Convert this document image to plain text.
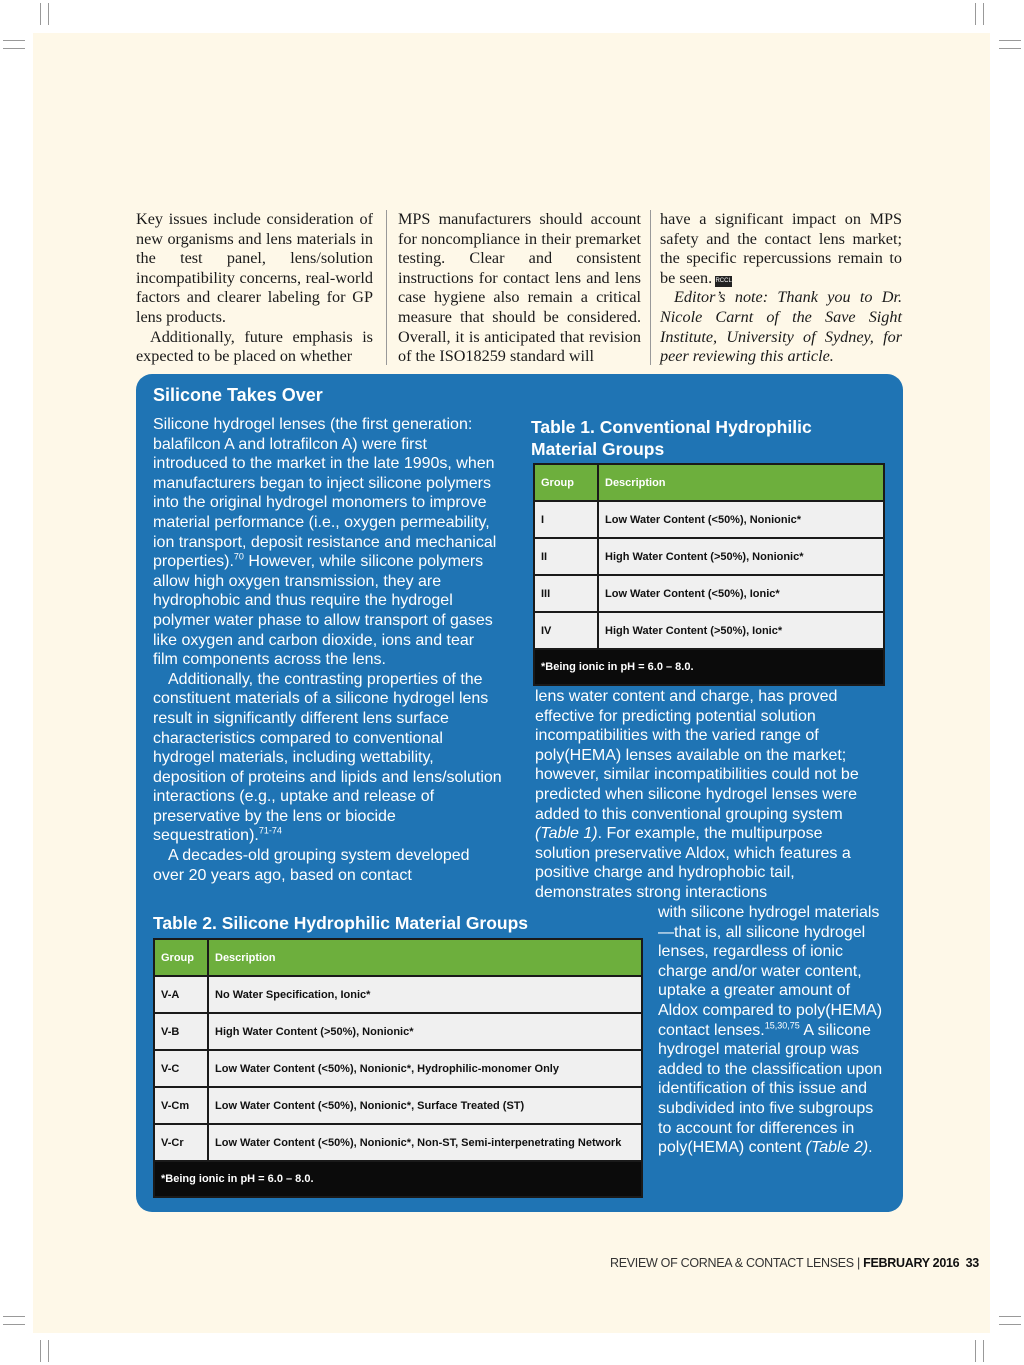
Key issues include consideration of new organisms and lens materials in the test panel, lens/solution incompatibility concerns, real-world factors and clearer labeling for GP lens products.

Additionally, future emphasis is expected to be placed on whether

MPS manufacturers should account for noncompliance in their premarket testing. Clear and consistent instructions for contact lens and lens case hygiene also remain a critical measure that should be considered. Overall, it is anticipated that revision of the ISO18259 standard will

have a significant impact on MPS safety and the contact lens market; the specific repercussions remain to be seen. RCCL

Editor’s note: Thank you to Dr. Nicole Carnt of the Save Sight Institute, University of Sydney, for peer reviewing this article.

Silicone Takes Over

Silicone hydrogel lenses (the first generation: balafilcon A and lotrafilcon A) were first introduced to the market in the late 1990s, when manufacturers began to inject silicone polymers into the original hydrogel monomers to improve material performance (i.e., oxygen permeability, ion transport, deposit resistance and mechanical properties).$^{70}$ However, while silicone polymers allow high oxygen transmission, they are hydrophobic and thus require the hydrogel polymer water phase to allow transport of gases like oxygen and carbon dioxide, ions and tear film components across the lens.

Additionally, the contrasting properties of the constituent materials of a silicone hydrogel lens result in significantly different lens surface characteristics compared to conventional hydrogel materials, including wettability, deposition of proteins and lipids and lens/solution interactions (e.g., uptake and release of preservative by the lens or biocide sequestration).$^{71-74}$

A decades-old grouping system developed over 20 years ago, based on contact

lens water content and charge, has proved effective for predicting potential solution incompatibilities with the varied range of poly(HEMA) lenses available on the market; however, similar incompatibilities could not be predicted when silicone hydrogel lenses were added to this conventional grouping system (Table 1). For example, the multipurpose solution preservative Aldox, which features a positive charge and hydrophobic tail, demonstrates strong interactions

with silicone hydrogel materials—that is, all silicone hydrogel lenses, regardless of ionic charge and/or water content, uptake a greater amount of Aldox compared to poly(HEMA) contact lenses.$^{15,30,75}$ A silicone hydrogel material group was added to the classification upon identification of this issue and subdivided into five subgroups to account for differences in poly(HEMA) content (Table 2).

Table 1. Conventional Hydrophilic Material Groups
Group	Description
I	Low Water Content (<50%), Nonionic*
II	High Water Content (>50%), Nonionic*
III	Low Water Content (<50%), Ionic*
IV	High Water Content (>50%), Ionic*
*Being ionic in pH = 6.0 – 8.0.	
Table 2. Silicone Hydrophilic Material Groups
Group	Description
V-A	No Water Specification, Ionic*
V-B	High Water Content (>50%), Nonionic*
V-C	Low Water Content (<50%), Nonionic*, Hydrophilic-monomer Only
V-Cm	Low Water Content (<50%), Nonionic*, Surface Treated (ST)
V-Cr	Low Water Content (<50%), Nonionic*, Non-ST, Semi-interpenetrating Network
*Being ionic in pH = 6.0 – 8.0.	
REVIEW OF CORNEA & CONTACT LENSES | FEBRUARY 2016 33
